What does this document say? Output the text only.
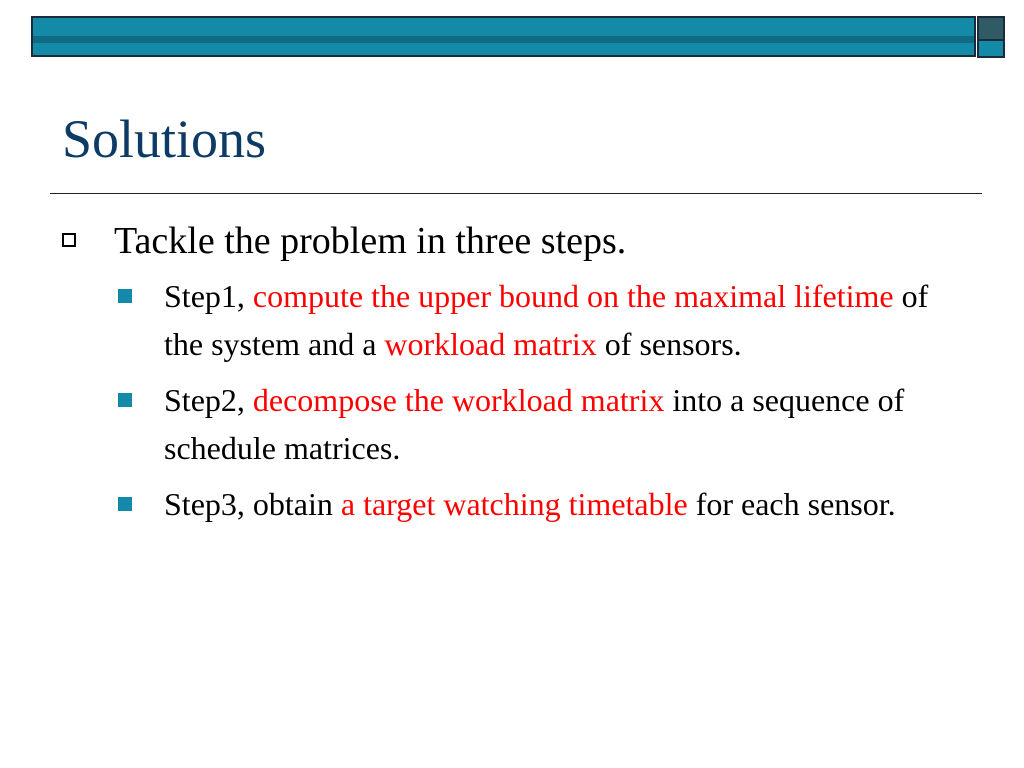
Solutions
Tackle the problem in three steps.
Step1, compute the upper bound on the maximal lifetime of the system and a workload matrix of sensors.
Step2, decompose the workload matrix into a sequence of schedule matrices.
Step3, obtain a target watching timetable for each sensor.
